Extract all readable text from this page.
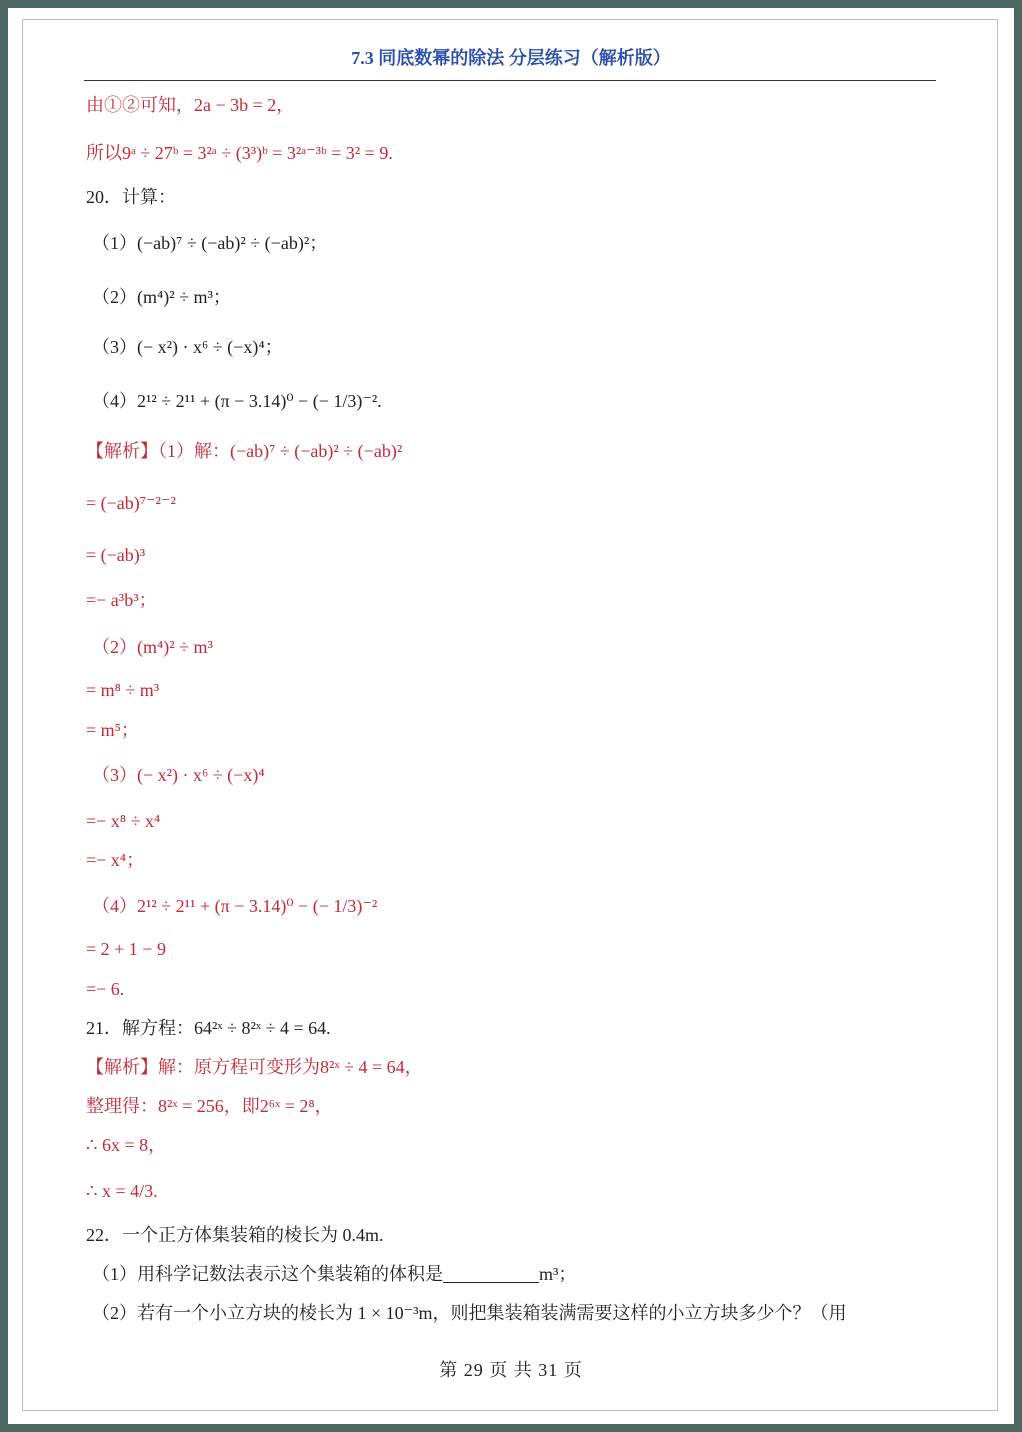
7.3 同底数幂的除法 分层练习（解析版）
由①②可知，2a − 3b = 2，
所以9ᵃ ÷ 27ᵇ = 3²ᵃ ÷ (3³)ᵇ = 3²ᵃ⁻³ᵇ = 3² = 9.
20．计算：
（1）(−ab)⁷ ÷ (−ab)² ÷ (−ab)²；
（2）(m⁴)² ÷ m³；
（3）(− x²) · x⁶ ÷ (−x)⁴；
（4）2¹² ÷ 2¹¹ + (π − 3.14)⁰ − (− 1/3)⁻².
【解析】（1）解：(−ab)⁷ ÷ (−ab)² ÷ (−ab)²
= (−ab)⁷⁻²⁻²
= (−ab)³
=− a³b³；
（2）(m⁴)² ÷ m³
= m⁸ ÷ m³
= m⁵；
（3）(− x²) · x⁶ ÷ (−x)⁴
=− x⁸ ÷ x⁴
=− x⁴；
（4）2¹² ÷ 2¹¹ + (π − 3.14)⁰ − (− 1/3)⁻²
= 2 + 1 − 9
=− 6.
21．解方程：64²ˣ ÷ 8²ˣ ÷ 4 = 64.
【解析】解：原方程可变形为8²ˣ ÷ 4 = 64，
整理得：8²ˣ = 256，即2⁶ˣ = 2⁸，
∴ 6x = 8，
∴ x = 4/3.
22．一个正方体集装箱的棱长为 0.4m.
（1）用科学记数法表示这个集装箱的体积是	m³；
（2）若有一个小立方块的棱长为 1 × 10⁻³m，则把集装箱装满需要这样的小立方块多少个？（用
第 29 页 共 31 页
